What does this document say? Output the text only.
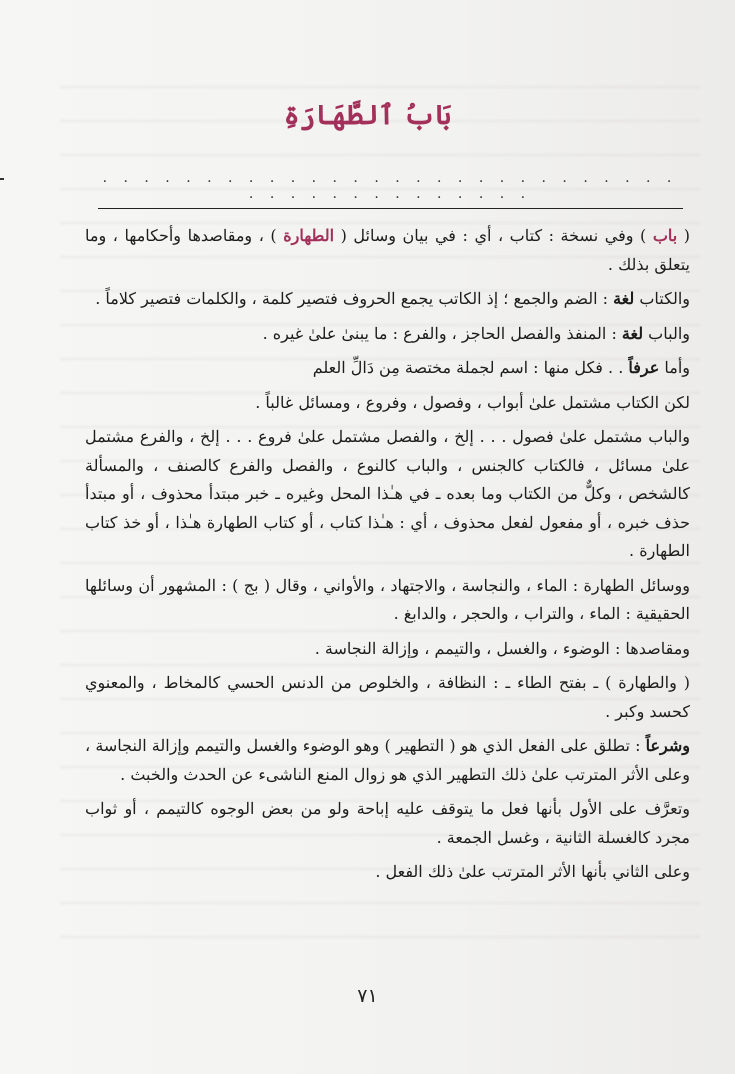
بَابُ ٱلطَّهَارَةِ
. . . . . . . . . . . . . . . . . . . . . . . . . . . . . . . . . . . . . . . . . .

( باب ) وفي نسخة : كتاب ، أي : في بيان وسائل ( الطهارة ) ، ومقاصدها وأحكامها ، وما يتعلق بذلك .

والكتاب لغة : الضم والجمع ؛ إذ الكاتب يجمع الحروف فتصير كلمة ، والكلمات فتصير كلاماً .

والباب لغة : المنفذ والفصل الحاجز ، والفرع : ما يبنىٰ علىٰ غيره .

وأما عرفاً . . فكل منها : اسم لجملة مختصة مِن دَالِّ العلم

لكن الكتاب مشتمل علىٰ أبواب ، وفصول ، وفروع ، ومسائل غالباً .

والباب مشتمل علىٰ فصول . . . إلخ ، والفصل مشتمل علىٰ فروع . . . إلخ ، والفرع مشتمل علىٰ مسائل ، فالكتاب كالجنس ، والباب كالنوع ، والفصل والفرع كالصنف ، والمسألة كالشخص ، وكلٌّ من الكتاب وما بعده ـ في هـٰذا المحل وغيره ـ خبر مبتدأ محذوف ، أو مبتدأ حذف خبره ، أو مفعول لفعل محذوف ، أي : هـٰذا كتاب ، أو كتاب الطهارة هـٰذا ، أو خذ كتاب الطهارة .

ووسائل الطهارة : الماء ، والنجاسة ، والاجتهاد ، والأواني ، وقال ( بج ) : المشهور أن وسائلها الحقيقية : الماء ، والتراب ، والحجر ، والدابغ .

ومقاصدها : الوضوء ، والغسل ، والتيمم ، وإزالة النجاسة .

( والطهارة ) ـ بفتح الطاء ـ : النظافة ، والخلوص من الدنس الحسي كالمخاط ، والمعنوي كحسد وكبر .

وشرعاً : تطلق على الفعل الذي هو ( التطهير ) وهو الوضوء والغسل والتيمم وإزالة النجاسة ، وعلى الأثر المترتب علىٰ ذلك التطهير الذي هو زوال المنع الناشىء عن الحدث والخبث .

وتعرَّف على الأول بأنها فعل ما يتوقف عليه إباحة ولو من بعض الوجوه كالتيمم ، أو ثواب مجرد كالغسلة الثانية ، وغسل الجمعة .

وعلى الثاني بأنها الأثر المترتب علىٰ ذلك الفعل .

٧١
